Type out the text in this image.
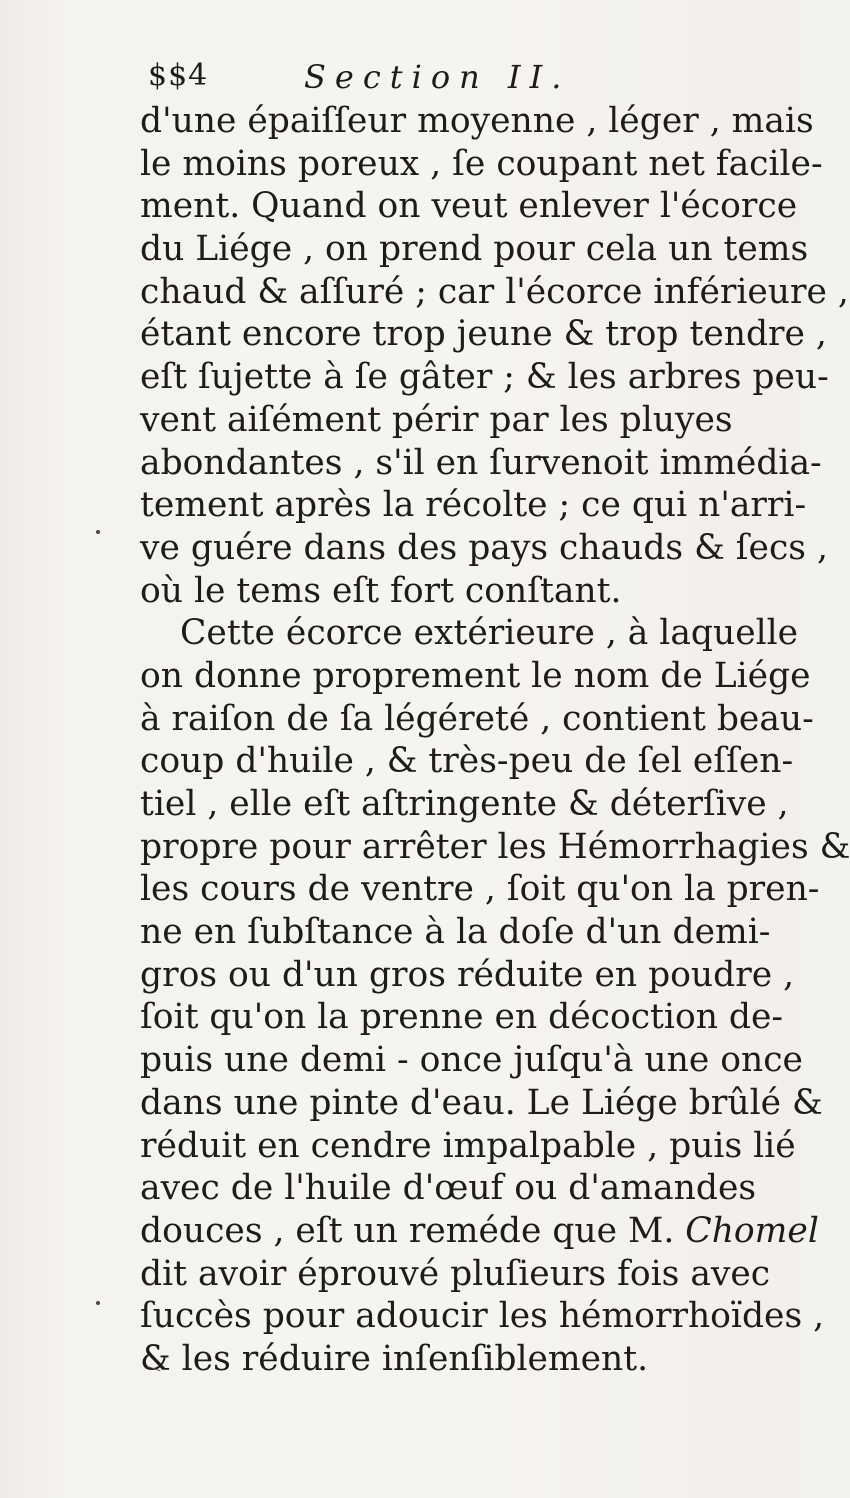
$$4	Section II.
d'une épaiſſeur moyenne , léger , mais
le moins poreux , ſe coupant net facile-
ment. Quand on veut enlever l'écorce
du Liége , on prend pour cela un tems
chaud & aſſuré ; car l'écorce inférieure ,
étant encore trop jeune & trop tendre ,
eſt ſujette à ſe gâter ; & les arbres peu-
vent aiſément périr par les pluyes
abondantes , s'il en ſurvenoit immédia-
tement après la récolte ; ce qui n'arri-
ve guére dans des pays chauds & ſecs ,
où le tems eſt fort conſtant.
Cette écorce extérieure , à laquelle
on donne proprement le nom de Liége
à raiſon de ſa légéreté , contient beau-
coup d'huile , & très-peu de ſel eſſen-
tiel , elle eſt aſtringente & déterſive ,
propre pour arrêter les Hémorrhagies &
les cours de ventre , ſoit qu'on la pren-
ne en ſubſtance à la doſe d'un demi-
gros ou d'un gros réduite en poudre ,
ſoit qu'on la prenne en décoction de-
puis une demi - once juſqu'à une once
dans une pinte d'eau. Le Liége brûlé &
réduit en cendre impalpable , puis lié
avec de l'huile d'œuf ou d'amandes
douces , eſt un reméde que M. Chomel
dit avoir éprouvé pluſieurs fois avec
ſuccès pour adoucir les hémorrhoïdes ,
& les réduire inſenſiblement.
